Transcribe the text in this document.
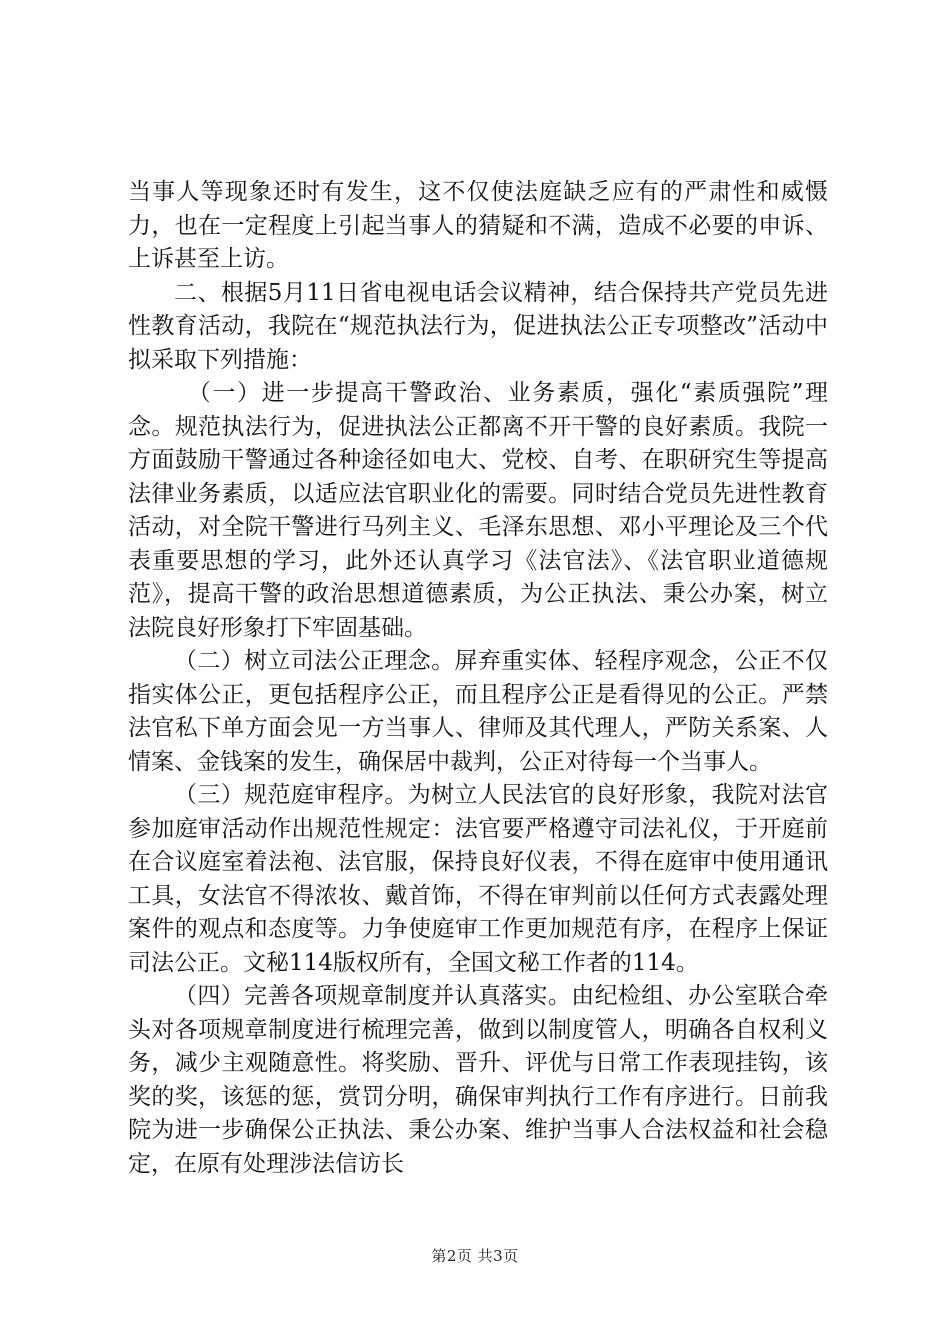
当事人等现象还时有发生，这不仅使法庭缺乏应有的严肃性和威慑力，也在一定程度上引起当事人的猜疑和不满，造成不必要的申诉、上诉甚至上访。

二、根据5月11日省电视电话会议精神，结合保持共产党员先进性教育活动，我院在“规范执法行为，促进执法公正专项整改”活动中拟采取下列措施：

（一）进一步提高干警政治、业务素质，强化“素质强院”理念。规范执法行为，促进执法公正都离不开干警的良好素质。我院一方面鼓励干警通过各种途径如电大、党校、自考、在职研究生等提高法律业务素质，以适应法官职业化的需要。同时结合党员先进性教育活动，对全院干警进行马列主义、毛泽东思想、邓小平理论及三个代表重要思想的学习，此外还认真学习《法官法》、《法官职业道德规范》，提高干警的政治思想道德素质，为公正执法、秉公办案，树立法院良好形象打下牢固基础。

（二）树立司法公正理念。屏弃重实体、轻程序观念，公正不仅指实体公正，更包括程序公正，而且程序公正是看得见的公正。严禁法官私下单方面会见一方当事人、律师及其代理人，严防关系案、人情案、金钱案的发生，确保居中裁判，公正对待每一个当事人。

（三）规范庭审程序。为树立人民法官的良好形象，我院对法官参加庭审活动作出规范性规定：法官要严格遵守司法礼仪，于开庭前在合议庭室着法袍、法官服，保持良好仪表，不得在庭审中使用通讯工具，女法官不得浓妆、戴首饰，不得在审判前以任何方式表露处理案件的观点和态度等。力争使庭审工作更加规范有序，在程序上保证司法公正。文秘114版权所有，全国文秘工作者的114。

（四）完善各项规章制度并认真落实。由纪检组、办公室联合牵头对各项规章制度进行梳理完善，做到以制度管人，明确各自权利义务，减少主观随意性。将奖励、晋升、评优与日常工作表现挂钩，该奖的奖，该惩的惩，赏罚分明，确保审判执行工作有序进行。日前我院为进一步确保公正执法、秉公办案、维护当事人合法权益和社会稳定，在原有处理涉法信访长

第2页 共3页
